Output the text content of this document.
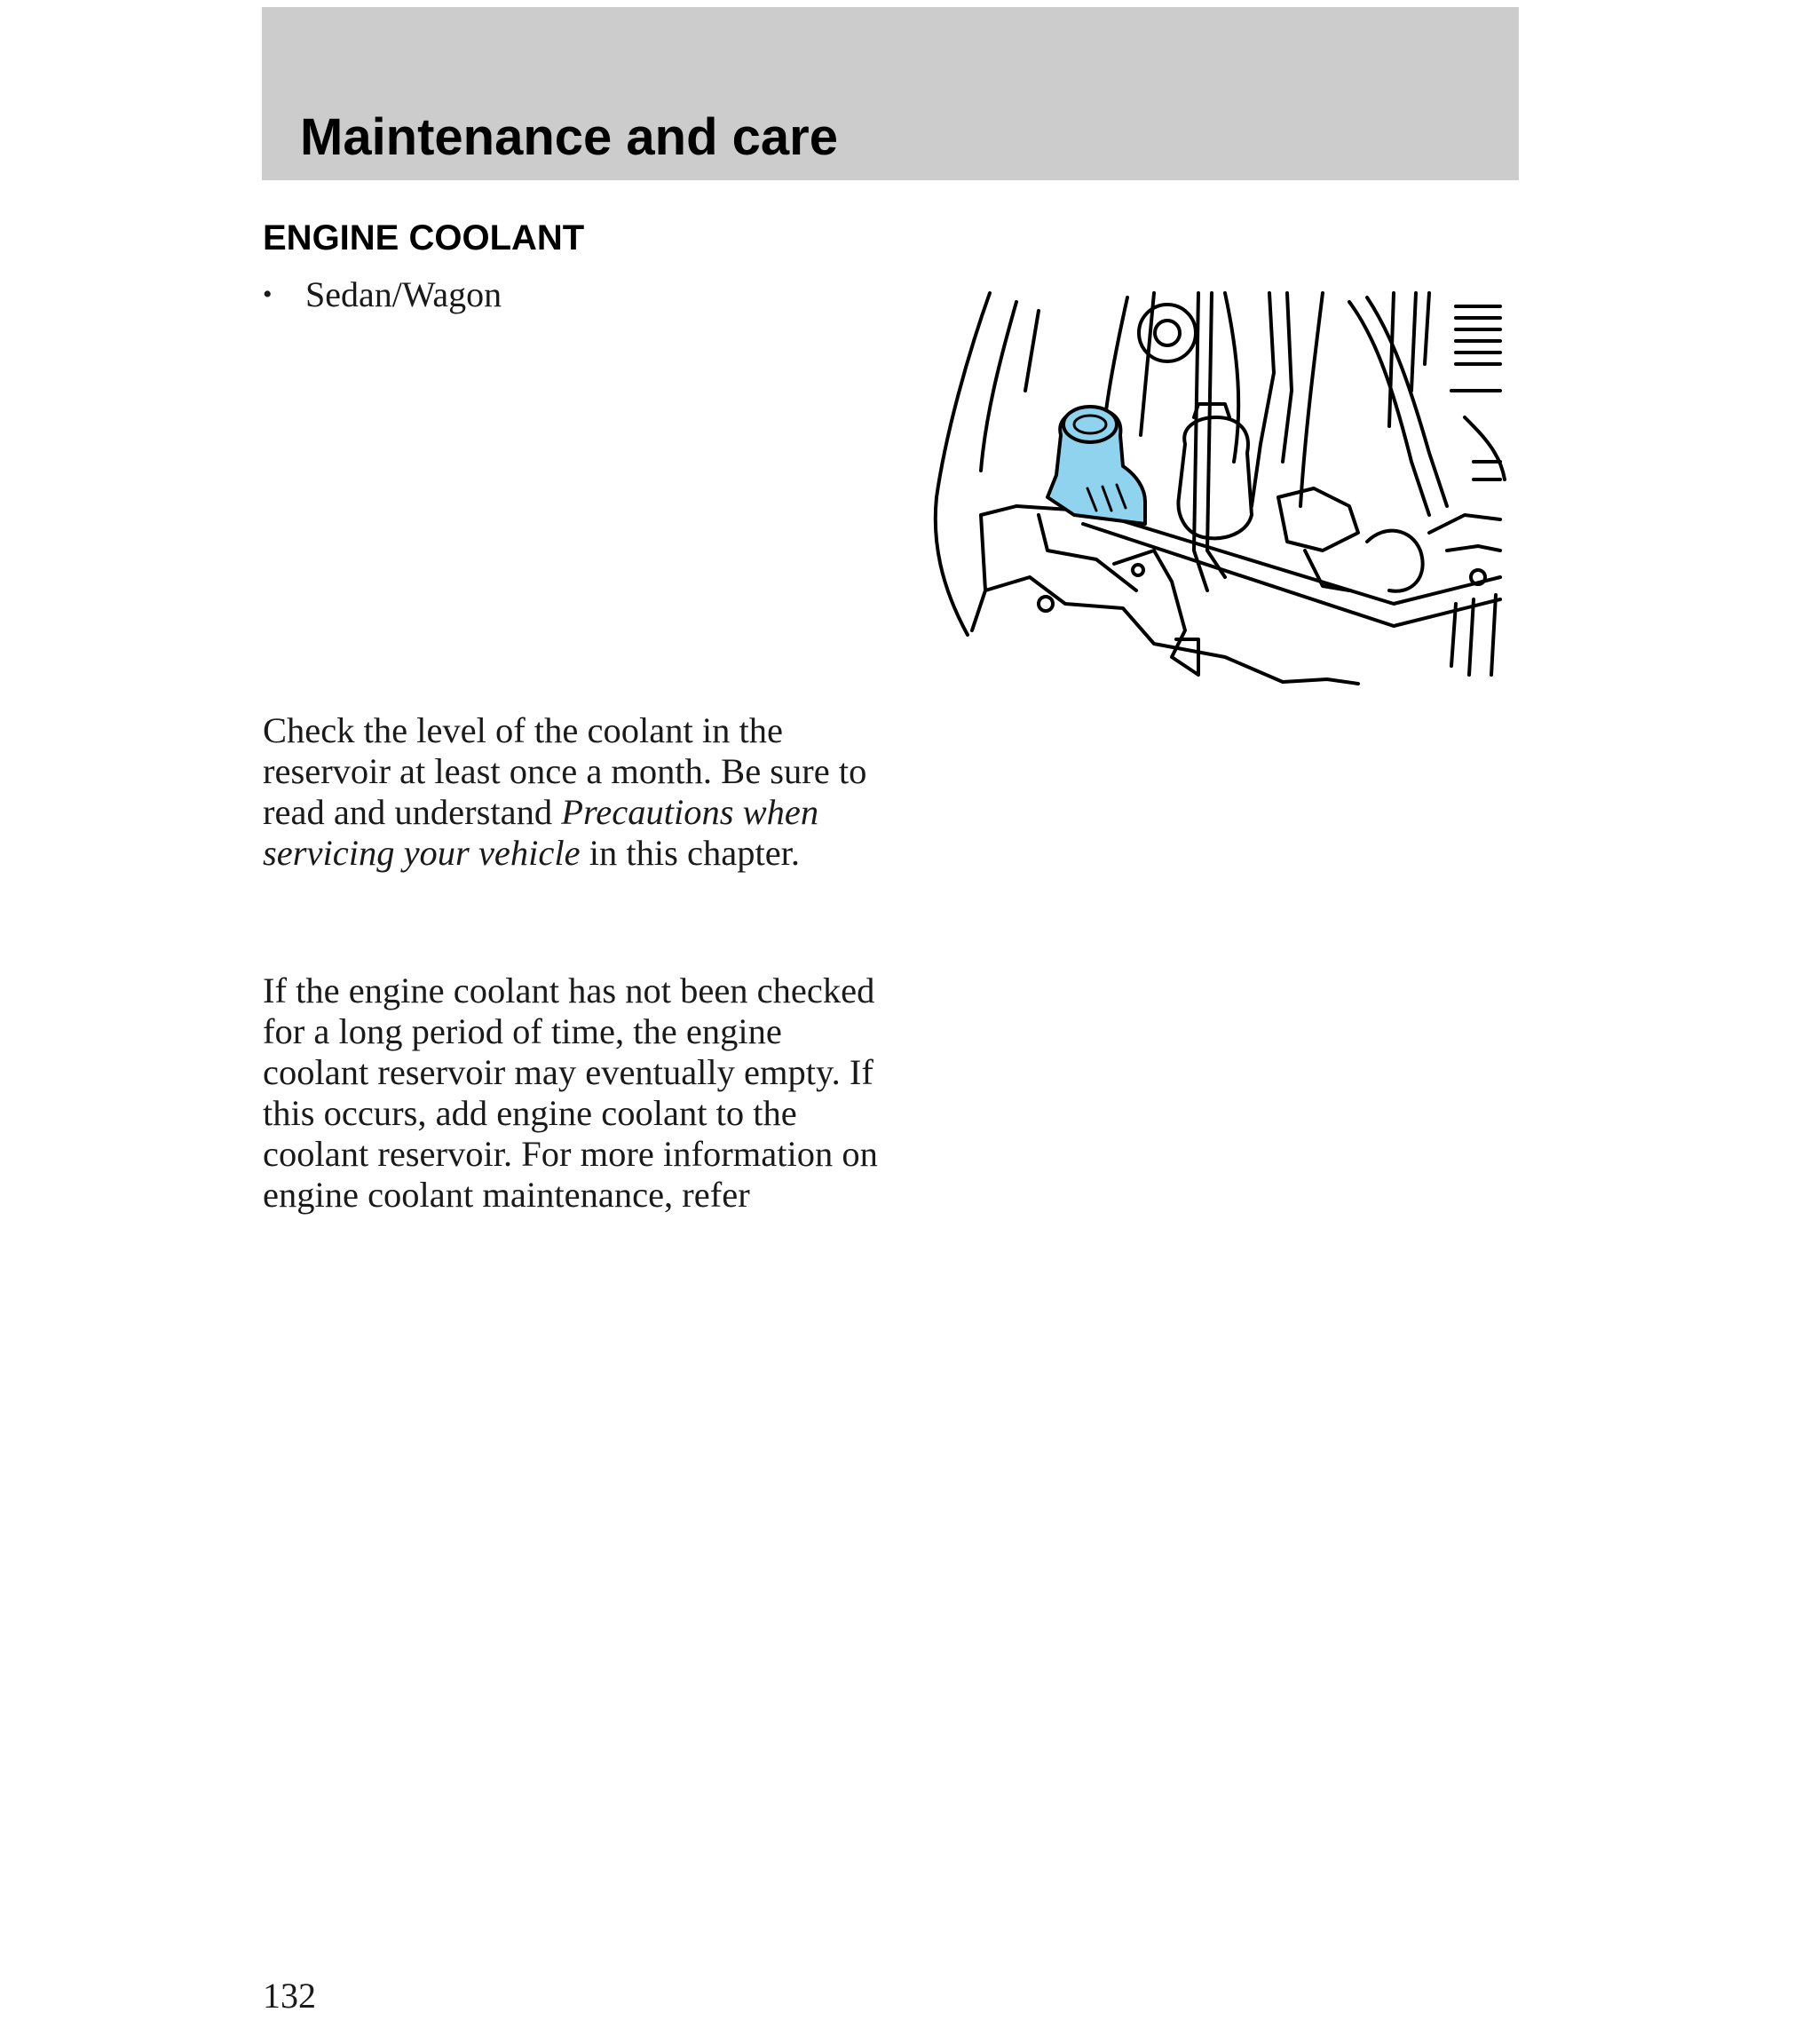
Maintenance and care
ENGINE COOLANT
• Sedan/Wagon

Check the level of the coolant in the reservoir at least once a month. Be sure to read and understand Precautions when servicing your vehicle in this chapter.

If the engine coolant has not been checked for a long period of time, the engine coolant reservoir may eventually empty. If this occurs, add engine coolant to the coolant reservoir. For more information on engine coolant maintenance, refer

132
